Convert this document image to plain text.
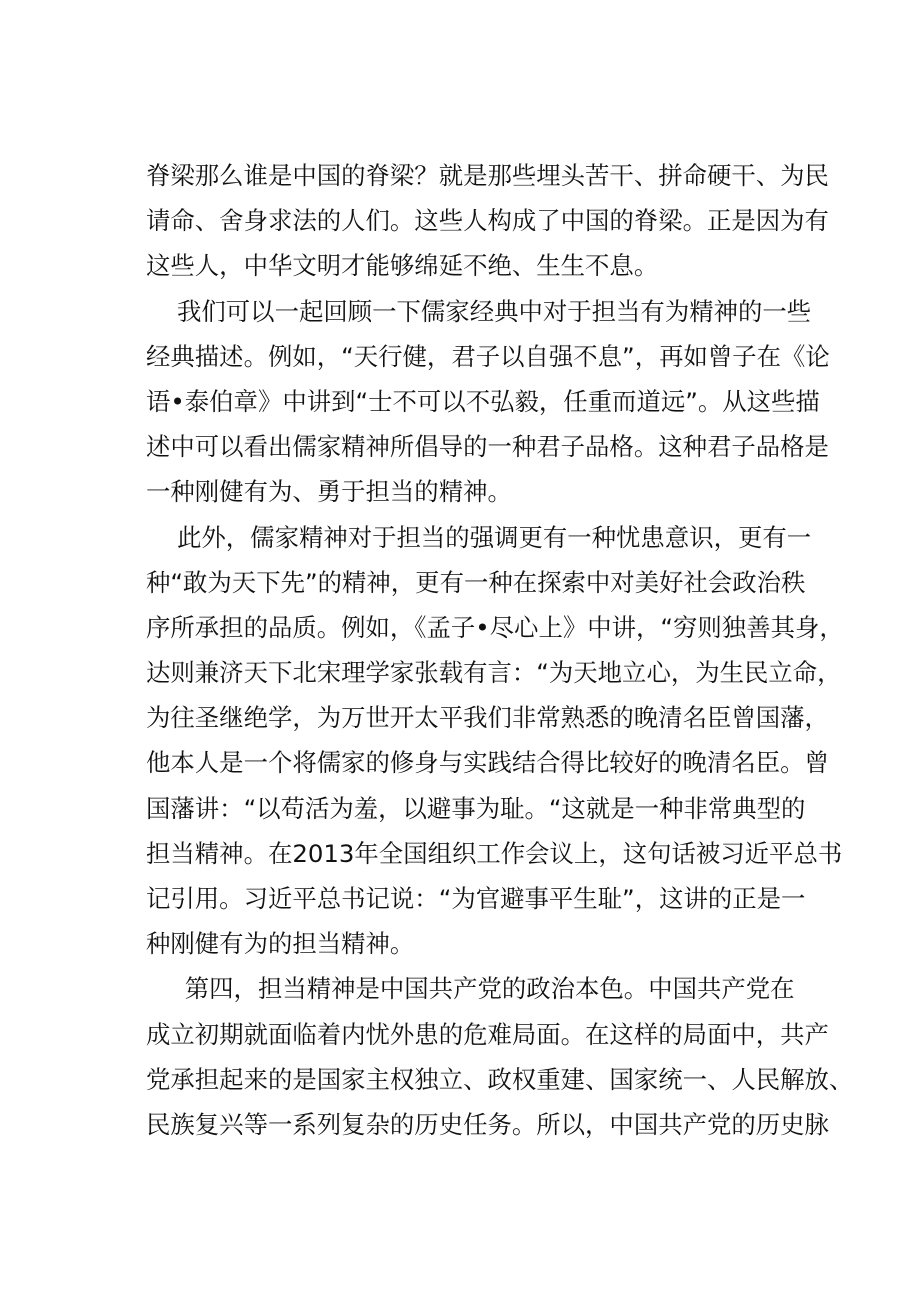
脊梁那么谁是中国的脊梁？就是那些埋头苦干、拼命硬干、为民
请命、舍身求法的人们。这些人构成了中国的脊梁。正是因为有
这些人，中华文明才能够绵延不绝、生生不息。

我们可以一起回顾一下儒家经典中对于担当有为精神的一些
经典描述。例如，“天行健，君子以自强不息”，再如曾子在《论
语•泰伯章》中讲到“士不可以不弘毅，任重而道远”。从这些描
述中可以看出儒家精神所倡导的一种君子品格。这种君子品格是
一种刚健有为、勇于担当的精神。

此外，儒家精神对于担当的强调更有一种忧患意识，更有一
种“敢为天下先”的精神，更有一种在探索中对美好社会政治秩
序所承担的品质。例如，《孟子•尽心上》中讲，“穷则独善其身，
达则兼济天下北宋理学家张载有言：“为天地立心，为生民立命，
为往圣继绝学，为万世开太平我们非常熟悉的晚清名臣曾国藩，
他本人是一个将儒家的修身与实践结合得比较好的晚清名臣。曾
国藩讲：“以苟活为羞，以避事为耻。“这就是一种非常典型的
担当精神。在2013年全国组织工作会议上，这句话被习近平总书
记引用。习近平总书记说：“为官避事平生耻”，这讲的正是一
种刚健有为的担当精神。

第四，担当精神是中国共产党的政治本色。中国共产党在
成立初期就面临着内忧外患的危难局面。在这样的局面中，共产
党承担起来的是国家主权独立、政权重建、国家统一、人民解放、
民族复兴等一系列复杂的历史任务。所以，中国共产党的历史脉
